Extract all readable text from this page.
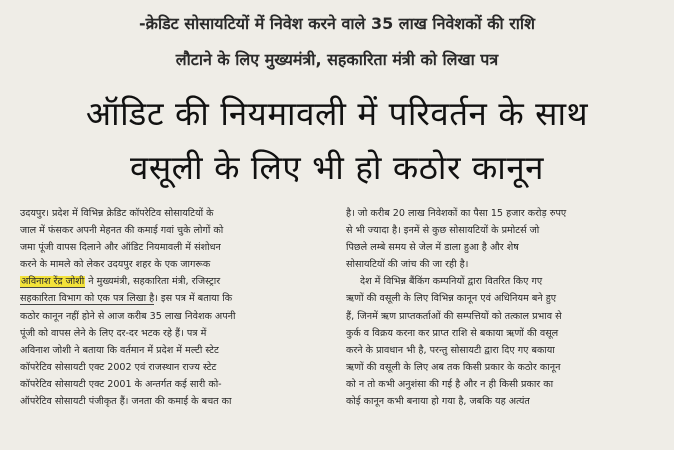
-क्रेडिट सोसायटियों में निवेश करने वाले 35 लाख निवेशकों की राशि
लौटाने के लिए मुख्यमंत्री, सहकारिता मंत्री को लिखा पत्र
ऑडिट की नियमावली में परिवर्तन के साथ
वसूली के लिए भी हो कठोर कानून
उदयपुर। प्रदेश में विभिन्न क्रेडिट कॉपरेटिव सोसायटियों के
जाल में फंसकर अपनी मेहनत की कमाई गवां चुके लोगों को
जमा पूंजी वापस दिलाने और ऑडिट नियमावली में संशोधन
करने के मामले को लेकर उदयपुर शहर के एक जागरूक
अविनाश रेंद्र जोशी ने मुख्यमंत्री, सहकारिता मंत्री, रजिस्ट्रार
सहकारिता विभाग को एक पत्र लिखा है। इस पत्र में बताया कि
कठोर कानून नहीं होने से आज करीब 35 लाख निवेशक अपनी
पूंजी को वापस लेने के लिए दर-दर भटक रहे हैं। पत्र में
अविनाश जोशी ने बताया कि वर्तमान में प्रदेश में मल्टी स्टेट
कॉपरेटिव सोसायटी एक्ट 2002 एवं राजस्थान राज्य स्टेट
कॉपरेटिव सोसायटी एक्ट 2001 के अन्तर्गत कई सारी को-
ऑपरेटिव सोसायटी पंजीकृत हैं। जनता की कमाई के बचत का
है। जो करीब 20 लाख निवेशकों का पैसा 15 हजार करोड़ रुपए
से भी ज्यादा है। इनमें से कुछ सोसायटियों के प्रमोटर्स जो
पिछले लम्बे समय से जेल में डाला हुआ है और शेष
सोसायटियों की जांच की जा रही है।
देश में विभिन्न बैंकिंग कम्पनियों द्वारा वितरित किए गए
ऋणों की वसूली के लिए विभिन्न कानून एवं अधिनियम बने हुए
हैं, जिनमें ऋण प्राप्तकर्ताओं की सम्पत्तियों को तत्काल प्रभाव से
कुर्क व विक्रय करना कर प्राप्त राशि से बकाया ऋणों की वसूल
करने के प्रावधान भी है, परन्तु सोसायटी द्वारा दिए गए बकाया
ऋणों की वसूली के लिए अब तक किसी प्रकार के कठोर कानून
को न तो कभी अनुशंसा की गई है और न ही किसी प्रकार का
कोई कानून कभी बनाया हो गया है, जबकि यह अत्यंत
